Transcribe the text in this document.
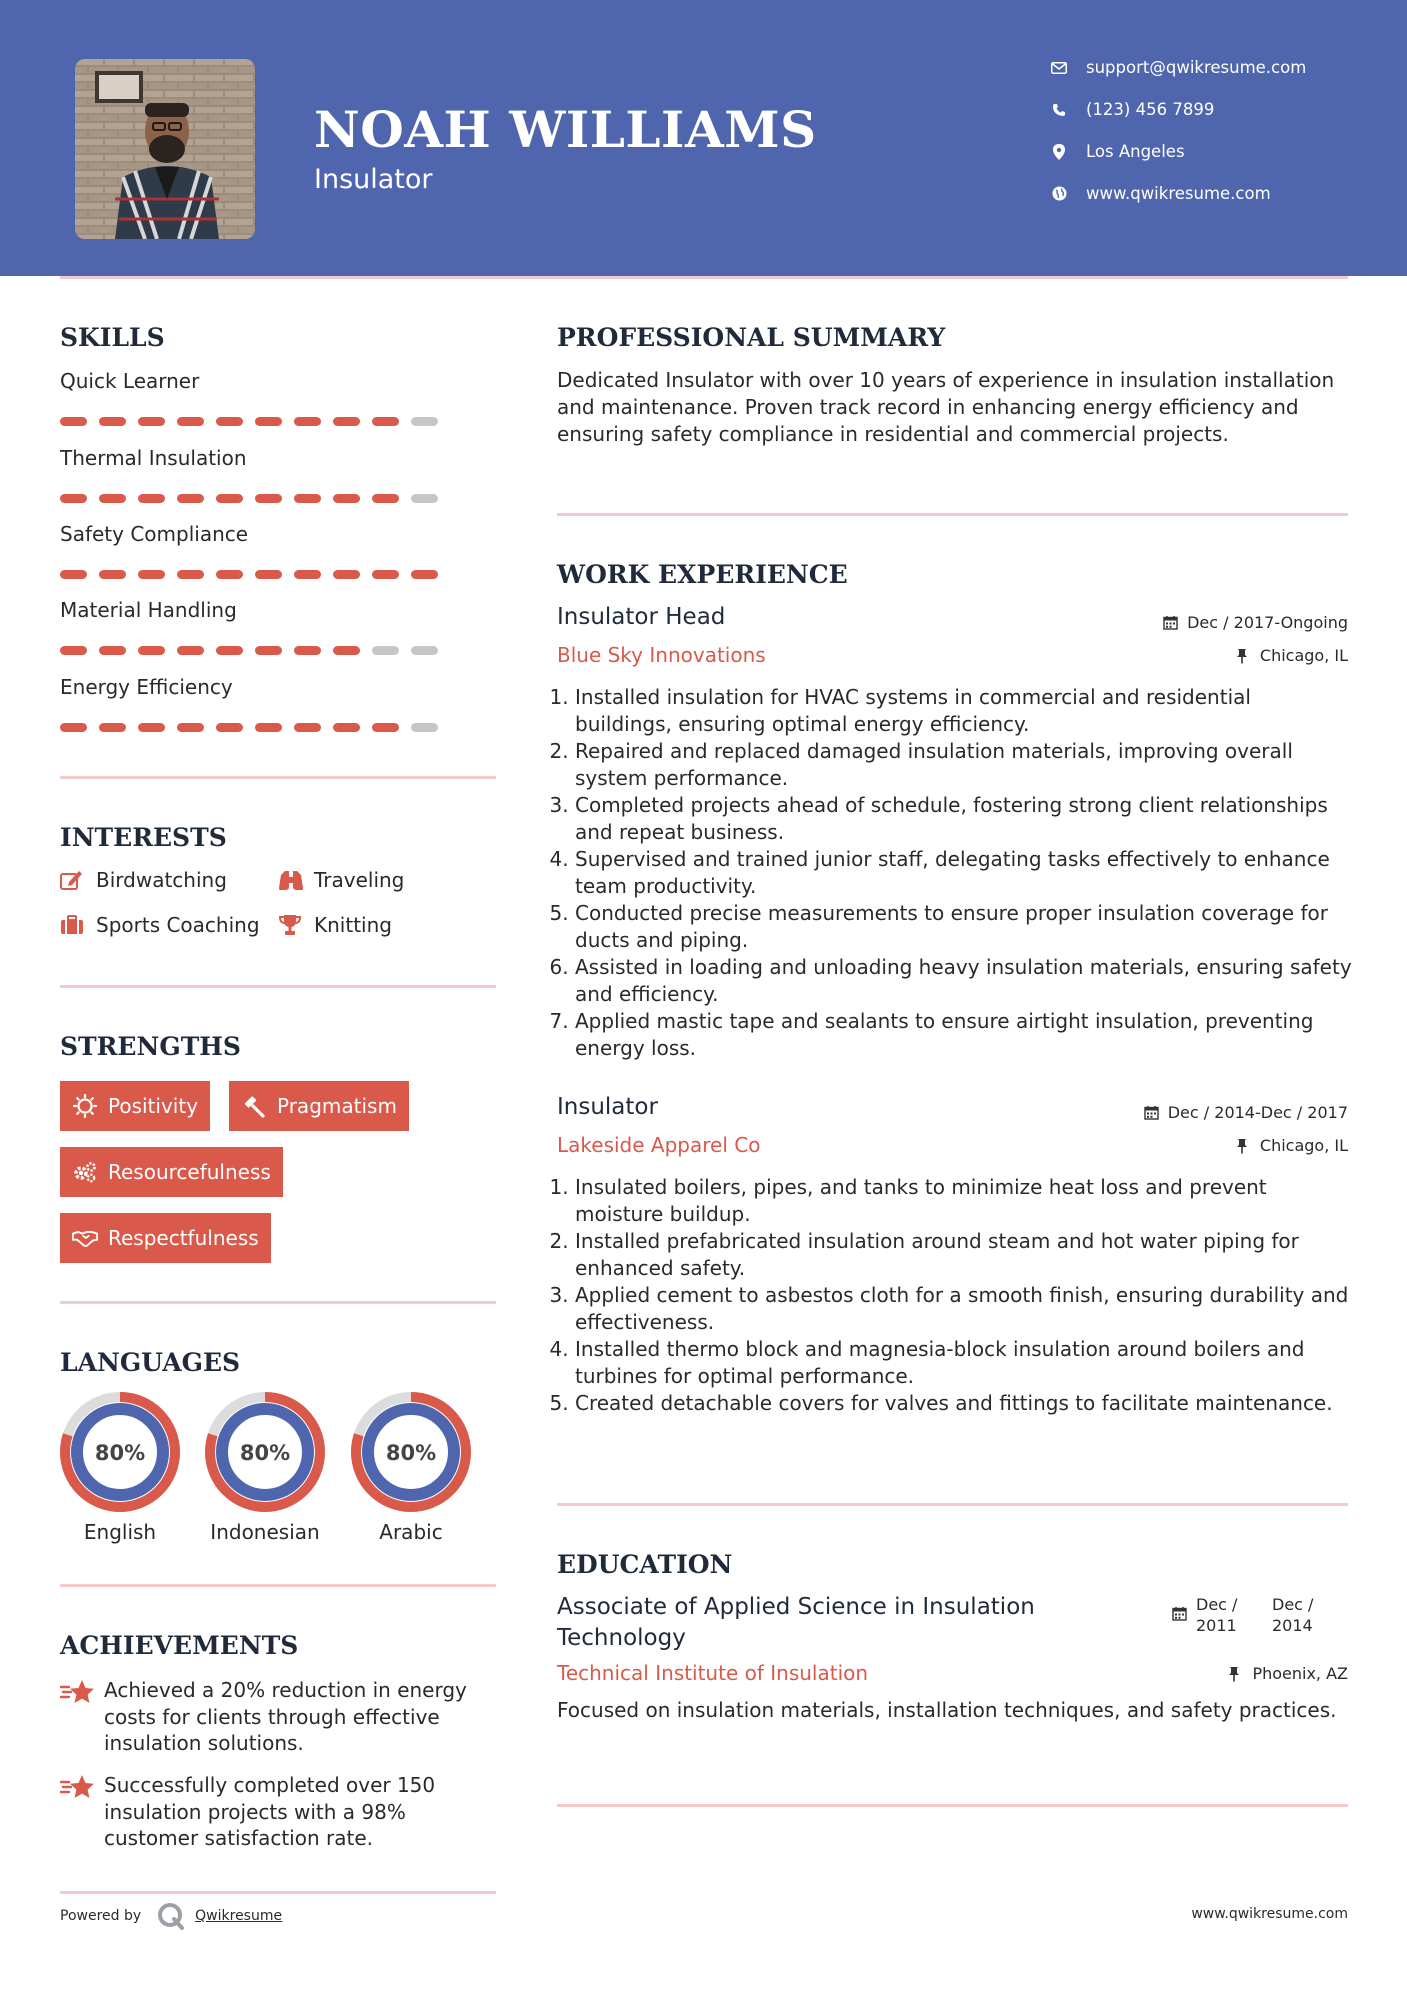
NOAH WILLIAMS
Insulator
support@qwikresume.com
(123) 456 7899
Los Angeles
www.qwikresume.com
SKILLS
Quick Learner
Thermal Insulation
Safety Compliance
Material Handling
Energy Efficiency
INTERESTS
Birdwatching	Traveling
Sports Coaching	Knitting
STRENGTHS
Positivity	Pragmatism
Resourcefulness
Respectfulness
LANGUAGES
80%
English
80%
Indonesian
80%
Arabic
ACHIEVEMENTS
Achieved a 20% reduction in energy costs for clients through effective insulation solutions.
Successfully completed over 150 insulation projects with a 98% customer satisfaction rate.
Powered by	Qwikresume
PROFESSIONAL SUMMARY
Dedicated Insulator with over 10 years of experience in insulation installation and maintenance. Proven track record in enhancing energy efficiency and ensuring safety compliance in residential and commercial projects.
WORK EXPERIENCE
Insulator Head	Dec / 2017-Ongoing
Blue Sky Innovations	Chicago, IL
1. Installed insulation for HVAC systems in commercial and residential buildings, ensuring optimal energy efficiency.
2. Repaired and replaced damaged insulation materials, improving overall system performance.
3. Completed projects ahead of schedule, fostering strong client relationships and repeat business.
4. Supervised and trained junior staff, delegating tasks effectively to enhance team productivity.
5. Conducted precise measurements to ensure proper insulation coverage for ducts and piping.
6. Assisted in loading and unloading heavy insulation materials, ensuring safety and efficiency.
7. Applied mastic tape and sealants to ensure airtight insulation, preventing energy loss.
Insulator	Dec / 2014-Dec / 2017
Lakeside Apparel Co	Chicago, IL
1. Insulated boilers, pipes, and tanks to minimize heat loss and prevent moisture buildup.
2. Installed prefabricated insulation around steam and hot water piping for enhanced safety.
3. Applied cement to asbestos cloth for a smooth finish, ensuring durability and effectiveness.
4. Installed thermo block and magnesia-block insulation around boilers and turbines for optimal performance.
5. Created detachable covers for valves and fittings to facilitate maintenance.
EDUCATION
Associate of Applied Science in Insulation Technology
Dec / 2011
Dec / 2014
Technical Institute of Insulation	Phoenix, AZ
Focused on insulation materials, installation techniques, and safety practices.
www.qwikresume.com
